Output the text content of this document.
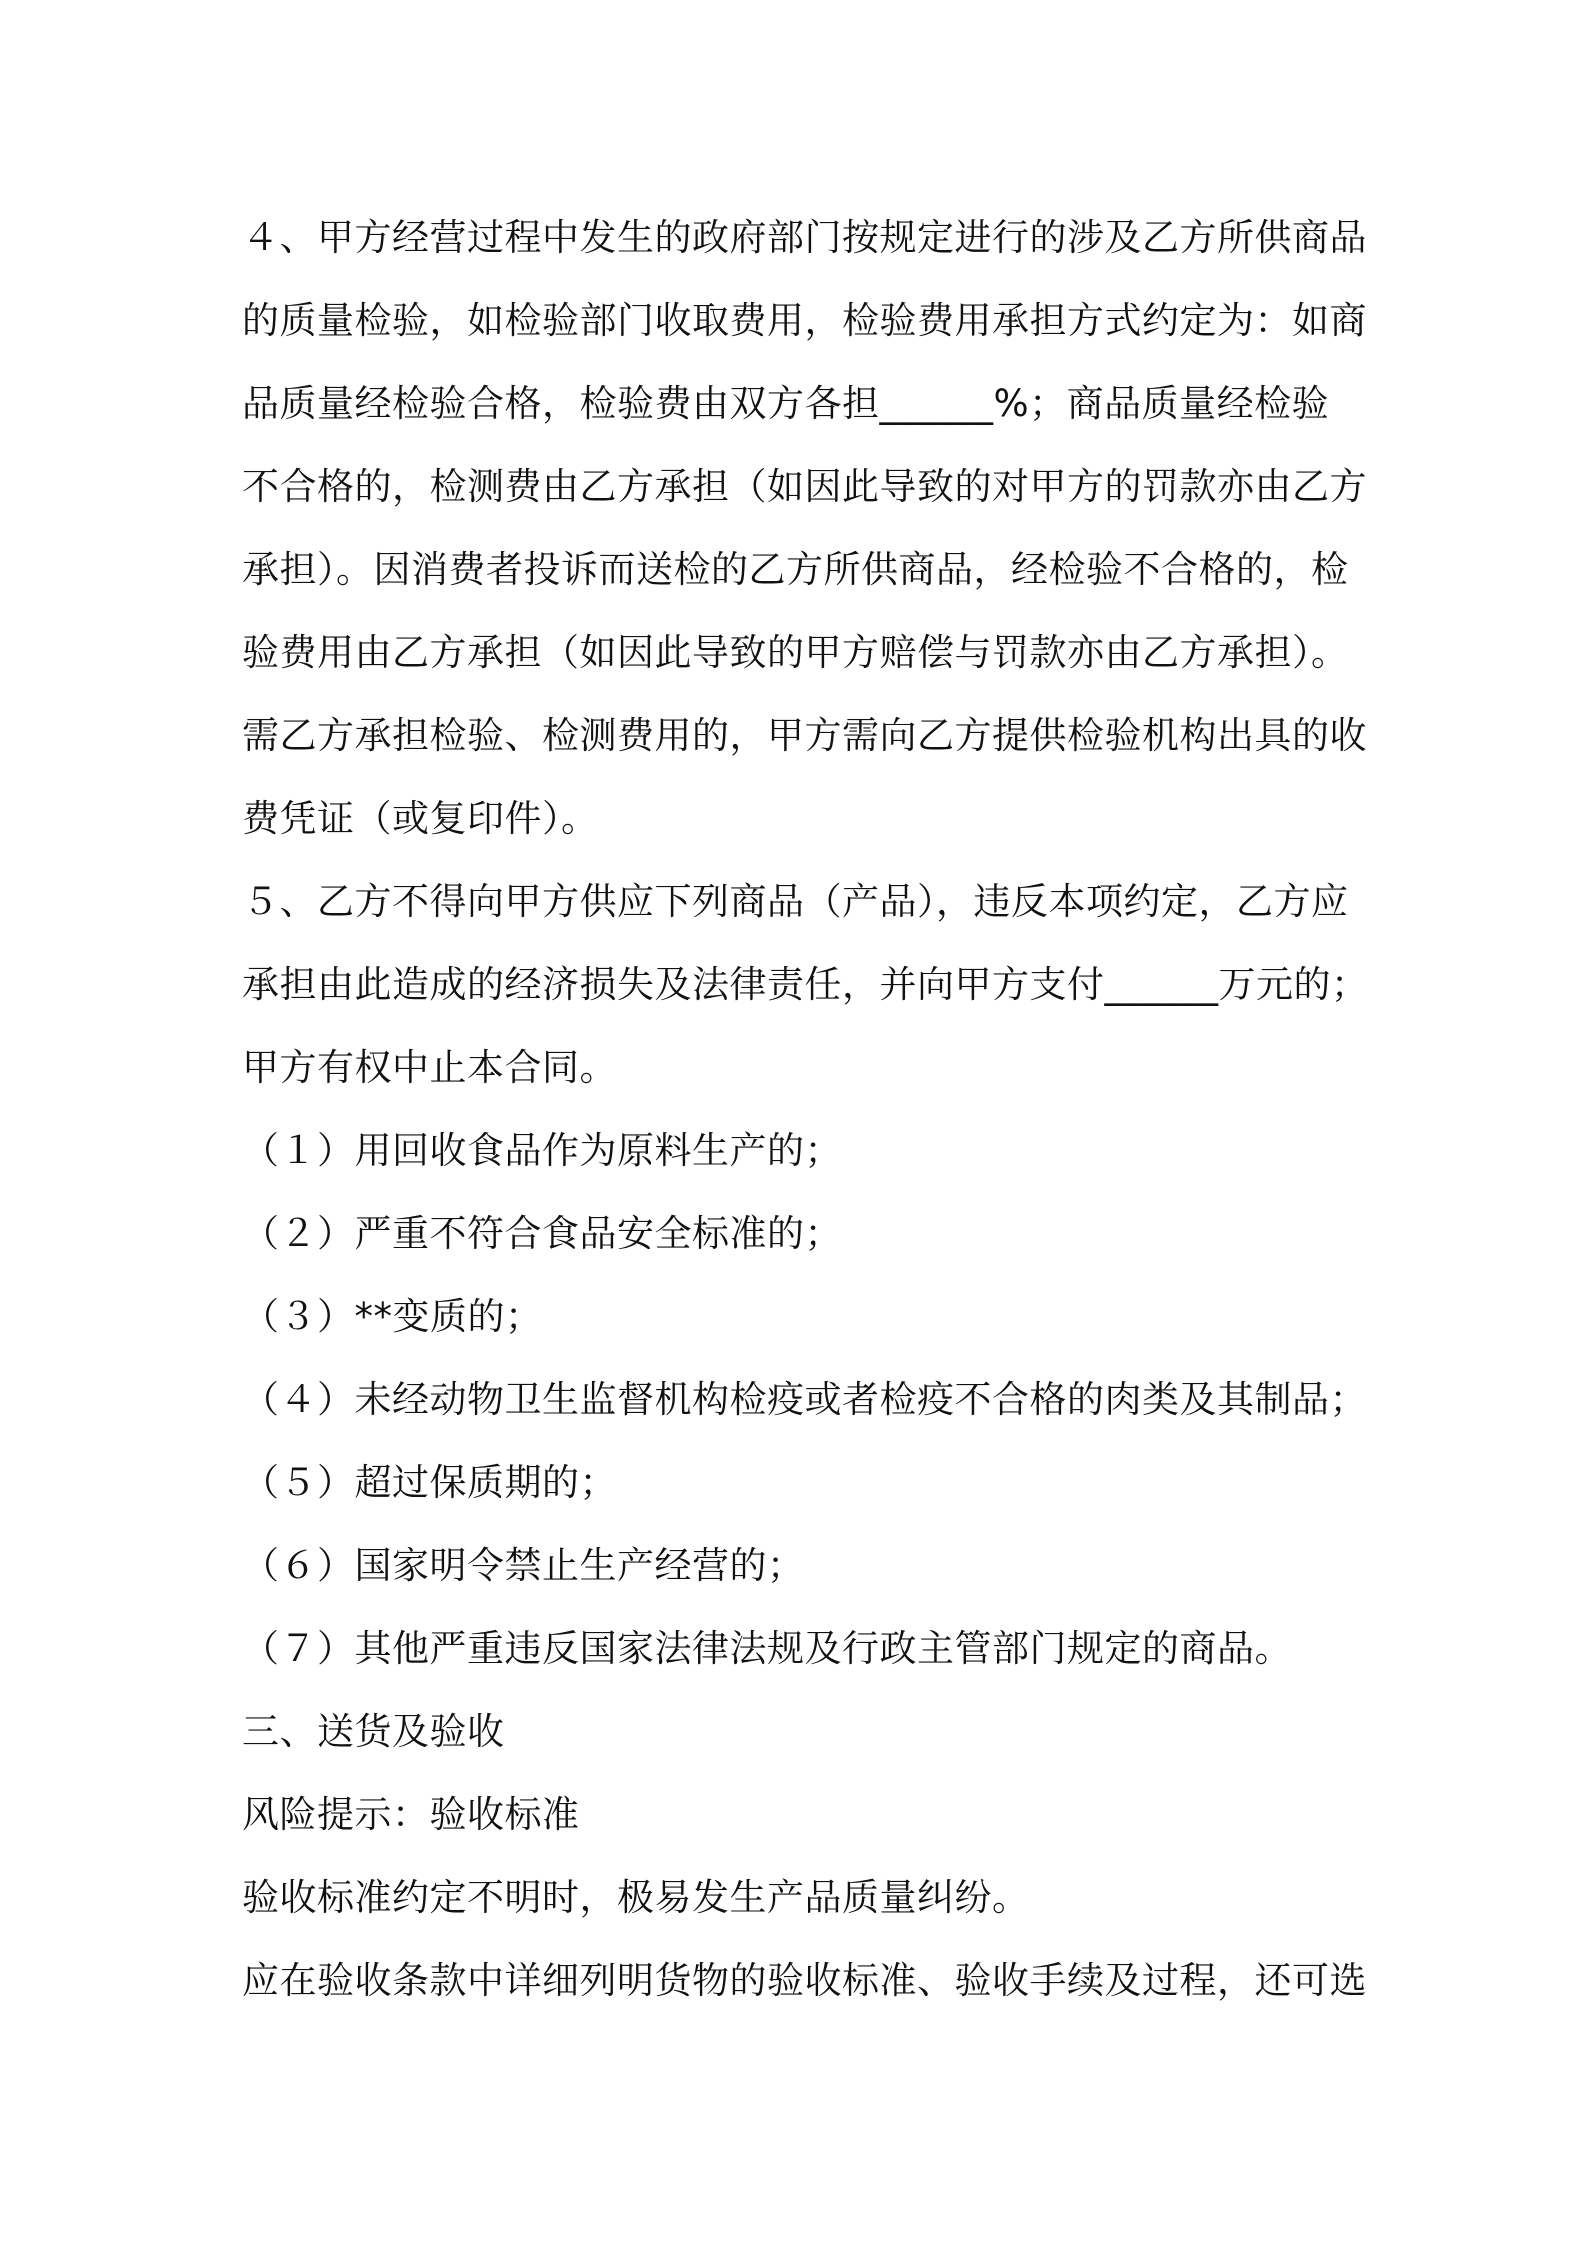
４、甲方经营过程中发生的政府部门按规定进行的涉及乙方所供商品
的质量检验，如检验部门收取费用，检验费用承担方式约定为：如商
品质量经检验合格，检验费由双方各担______%；商品质量经检验
不合格的，检测费由乙方承担（如因此导致的对甲方的罚款亦由乙方
承担）。因消费者投诉而送检的乙方所供商品，经检验不合格的，检
验费用由乙方承担（如因此导致的甲方赔偿与罚款亦由乙方承担）。
需乙方承担检验、检测费用的，甲方需向乙方提供检验机构出具的收
费凭证（或复印件）。
５、乙方不得向甲方供应下列商品（产品），违反本项约定，乙方应
承担由此造成的经济损失及法律责任，并向甲方支付______万元的；
甲方有权中止本合同。
（１）用回收食品作为原料生产的；
（２）严重不符合食品安全标准的；
（３）**变质的；
（４）未经动物卫生监督机构检疫或者检疫不合格的肉类及其制品；
（５）超过保质期的；
（６）国家明令禁止生产经营的；
（７）其他严重违反国家法律法规及行政主管部门规定的商品。
三、送货及验收
风险提示：验收标准
验收标准约定不明时，极易发生产品质量纠纷。
应在验收条款中详细列明货物的验收标准、验收手续及过程，还可选
